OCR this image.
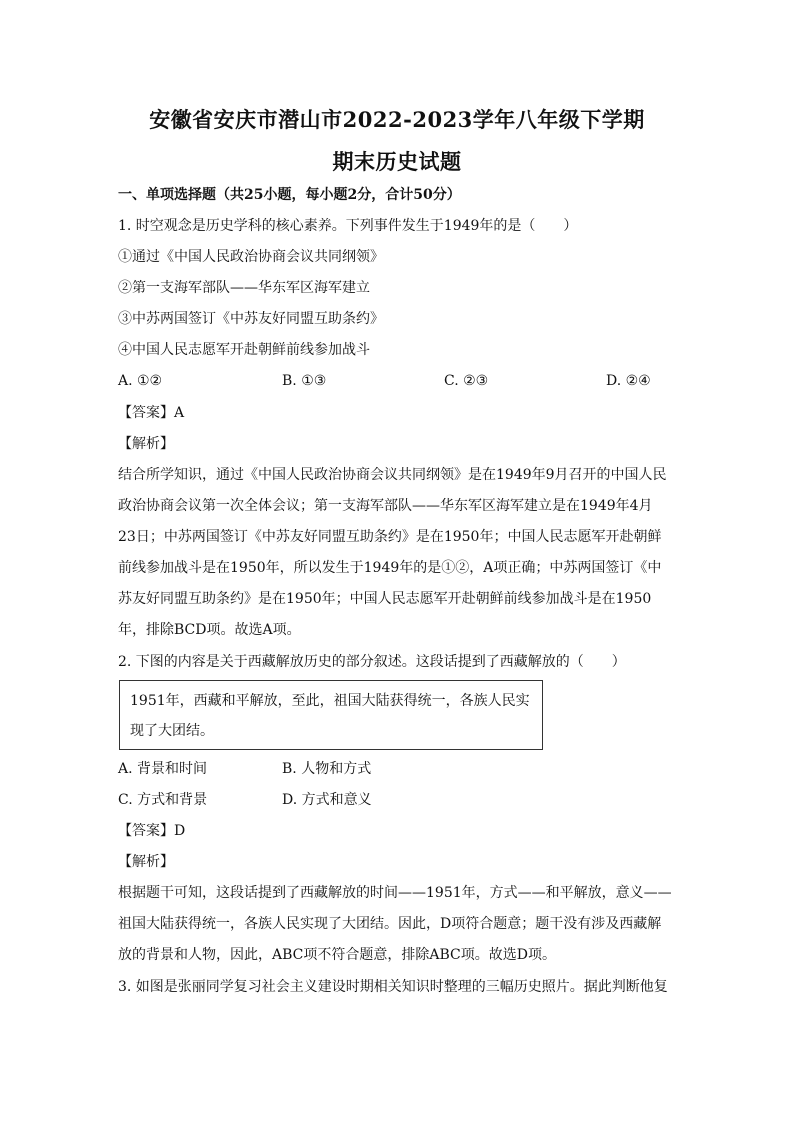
安徽省安庆市潜山市2022-2023学年八年级下学期
期末历史试题
一、单项选择题（共25小题，每小题2分，合计50分）
1. 时空观念是历史学科的核心素养。下列事件发生于1949年的是（　　）
①通过《中国人民政治协商会议共同纲领》
②第一支海军部队——华东军区海军建立
③中苏两国签订《中苏友好同盟互助条约》
④中国人民志愿军开赴朝鲜前线参加战斗
A. ①②	B. ①③	C. ②③	D. ②④
【答案】A
【解析】
结合所学知识，通过《中国人民政治协商会议共同纲领》是在1949年9月召开的中国人民
政治协商会议第一次全体会议；第一支海军部队——华东军区海军建立是在1949年4月
23日；中苏两国签订《中苏友好同盟互助条约》是在1950年；中国人民志愿军开赴朝鲜
前线参加战斗是在1950年，所以发生于1949年的是①②，A项正确；中苏两国签订《中
苏友好同盟互助条约》是在1950年；中国人民志愿军开赴朝鲜前线参加战斗是在1950
年，排除BCD项。故选A项。
2. 下图的内容是关于西藏解放历史的部分叙述。这段话提到了西藏解放的（　　）
1951年，西藏和平解放，至此，祖国大陆获得统一，各族人民实
现了大团结。
A. 背景和时间	B. 人物和方式
C. 方式和背景	D. 方式和意义
【答案】D
【解析】
根据题干可知，这段话提到了西藏解放的时间——1951年，方式——和平解放，意义——
祖国大陆获得统一，各族人民实现了大团结。因此，D项符合题意；题干没有涉及西藏解
放的背景和人物，因此，ABC项不符合题意，排除ABC项。故选D项。
3. 如图是张丽同学复习社会主义建设时期相关知识时整理的三幅历史照片。据此判断他复
